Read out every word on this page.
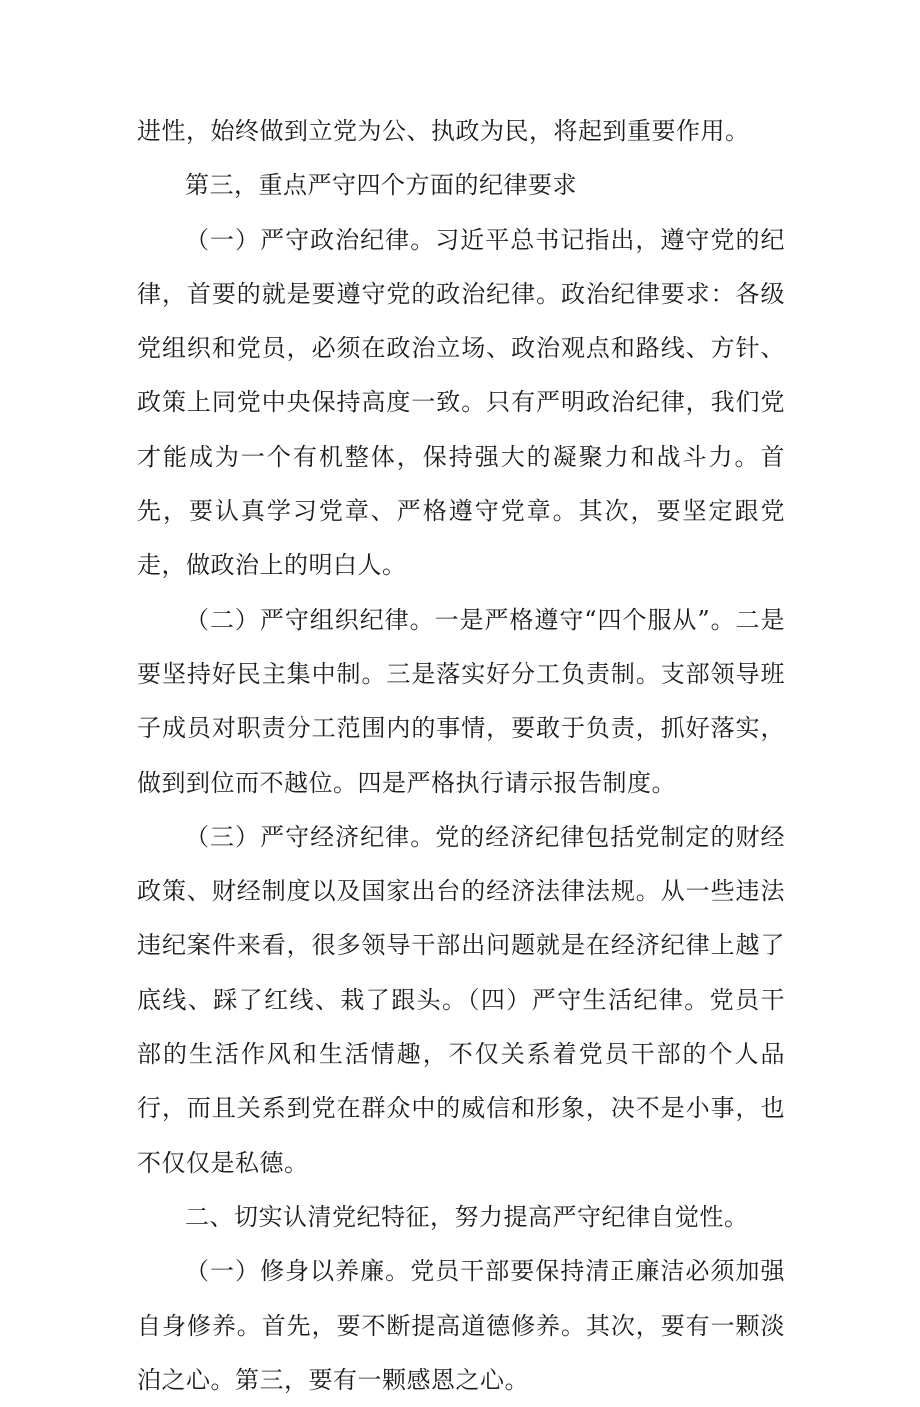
进性，始终做到立党为公、执政为民，将起到重要作用。

第三，重点严守四个方面的纪律要求

（一）严守政治纪律。习近平总书记指出，遵守党的纪律，首要的就是要遵守党的政治纪律。政治纪律要求：各级党组织和党员，必须在政治立场、政治观点和路线、方针、政策上同党中央保持高度一致。只有严明政治纪律，我们党才能成为一个有机整体，保持强大的凝聚力和战斗力。首先，要认真学习党章、严格遵守党章。其次，要坚定跟党走，做政治上的明白人。

（二）严守组织纪律。一是严格遵守“四个服从”。二是要坚持好民主集中制。三是落实好分工负责制。支部领导班子成员对职责分工范围内的事情，要敢于负责，抓好落实，做到到位而不越位。四是严格执行请示报告制度。

（三）严守经济纪律。党的经济纪律包括党制定的财经政策、财经制度以及国家出台的经济法律法规。从一些违法违纪案件来看，很多领导干部出问题就是在经济纪律上越了底线、踩了红线、栽了跟头。（四）严守生活纪律。党员干部的生活作风和生活情趣，不仅关系着党员干部的个人品行，而且关系到党在群众中的威信和形象，决不是小事，也不仅仅是私德。

二、切实认清党纪特征，努力提高严守纪律自觉性。

（一）修身以养廉。党员干部要保持清正廉洁必须加强自身修养。首先，要不断提高道德修养。其次，要有一颗淡泊之心。第三，要有一颗感恩之心。
